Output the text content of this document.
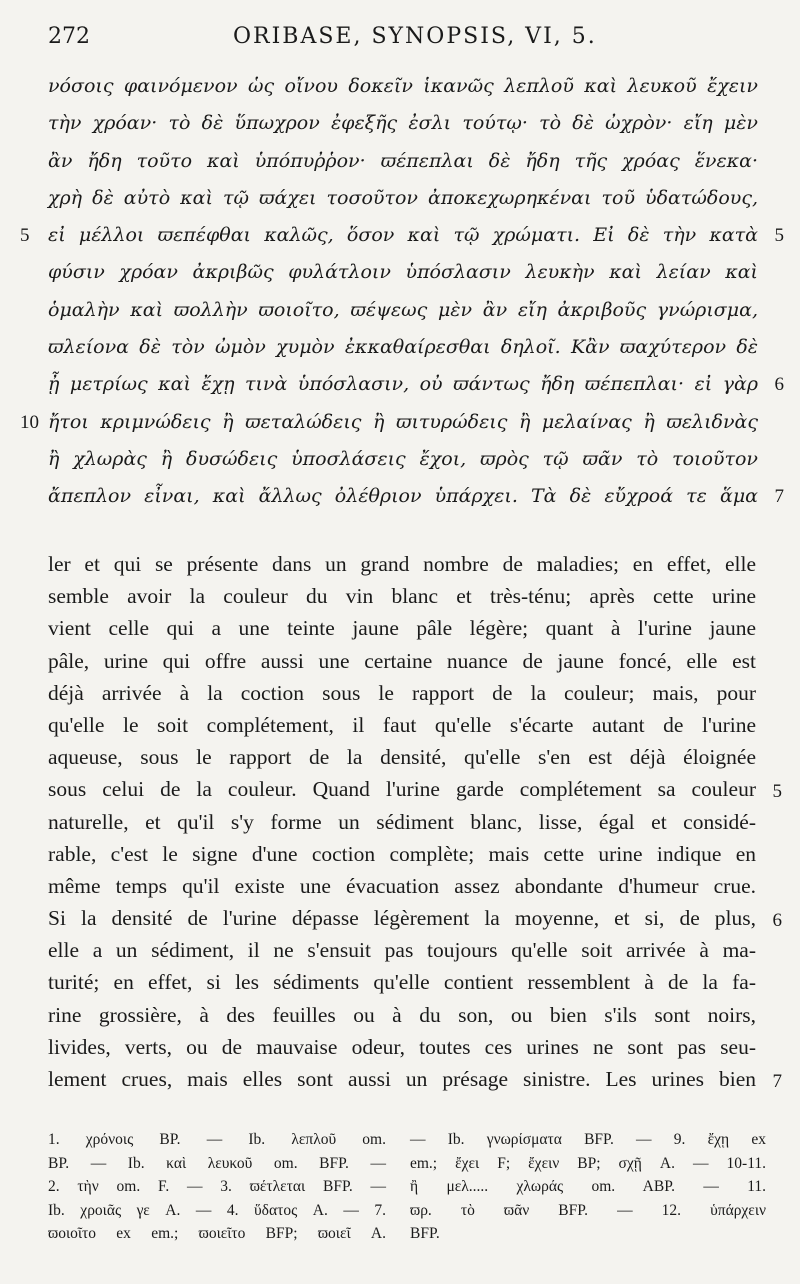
272	ORIBASE, SYNOPSIS, VI, 5.
νόσοις φαινόμενον ὡς οἴνου δοκεῖν ἱκανῶς λεπλοῦ καὶ λευκοῦ ἔχειν
τὴν χρόαν· τὸ δὲ ὕπωχρον ἐφεξῆς ἐσλι τούτῳ· τὸ δὲ ὠχρὸν· εἴη μὲν
ἂν ἤδη τοῦτο καὶ ὑπόπυῤῥον· ϖέπεπλαι δὲ ἤδη τῆς χρόας ἕνεκα·
χρὴ δὲ αὐτὸ καὶ τῷ ϖάχει τοσοῦτον ἀποκεχωρηκέναι τοῦ ὑδατώδους,
εἰ μέλλοι ϖεπέφθαι καλῶς, ὅσον καὶ τῷ χρώματι. Εἰ δὲ τὴν κατὰ
φύσιν χρόαν ἀκριβῶς φυλάτλοιν ὑπόσλασιν λευκὴν καὶ λείαν καὶ
ὁμαλὴν καὶ ϖολλὴν ϖοιοῖτο, ϖέψεως μὲν ἂν εἴη ἀκριβοῦς γνώρισμα,
ϖλείονα δὲ τὸν ὠμὸν χυμὸν ἐκκαθαίρεσθαι δηλοῖ. Κἂν ϖαχύτερον δὲ
ᾖ μετρίως καὶ ἔχῃ τινὰ ὑπόσλασιν, οὐ ϖάντως ἤδη ϖέπεπλαι· εἰ γὰρ
ἤτοι κριμνώδεις ἢ ϖεταλώδεις ἢ ϖιτυρώδεις ἢ μελαίνας ἢ ϖελιδνὰς
ἢ χλωρὰς ἢ δυσώδεις ὑποσλάσεις ἔχοι, ϖρὸς τῷ ϖᾶν τὸ τοιοῦτον
ἄπεπλον εἶναι, καὶ ἄλλως ὀλέθριον ὑπάρχει. Τὰ δὲ εὔχροά τε ἅμα
5
10
5
6
7
ler et qui se présente dans un grand nombre de maladies; en effet, elle
semble avoir la couleur du vin blanc et très-ténu; après cette urine
vient celle qui a une teinte jaune pâle légère; quant à l'urine jaune
pâle, urine qui offre aussi une certaine nuance de jaune foncé, elle est
déjà arrivée à la coction sous le rapport de la couleur; mais, pour
qu'elle le soit complétement, il faut qu'elle s'écarte autant de l'urine
aqueuse, sous le rapport de la densité, qu'elle s'en est déjà éloignée
sous celui de la couleur. Quand l'urine garde complétement sa couleur
naturelle, et qu'il s'y forme un sédiment blanc, lisse, égal et considé-
rable, c'est le signe d'une coction complète; mais cette urine indique en
même temps qu'il existe une évacuation assez abondante d'humeur crue.
Si la densité de l'urine dépasse légèrement la moyenne, et si, de plus,
elle a un sédiment, il ne s'ensuit pas toujours qu'elle soit arrivée à ma-
turité; en effet, si les sédiments qu'elle contient ressemblent à de la fa-
rine grossière, à des feuilles ou à du son, ou bien s'ils sont noirs,
livides, verts, ou de mauvaise odeur, toutes ces urines ne sont pas seu-
lement crues, mais elles sont aussi un présage sinistre. Les urines bien
5
6
7
1. χρόνοις BP. — Ib. λεπλοῦ om.
BP. — Ib. καὶ λευκοῦ om. BFP. —
2. τὴν om. F. — 3. ϖέτλεται BFP. —
Ib. χροιᾶς γε A. — 4. ὕδατος A. — 7.
ϖοιοῖτο ex em.; ϖοιεῖτο BFP; ϖοιεῖ A.
— Ib. γνωρίσματα BFP. — 9. ἔχῃ ex
em.; ἔχει F; ἔχειν BP; σχῇ A. — 10-11.
ἢ μελ..... χλωράς om. ABP. — 11.
ϖρ. τὸ ϖᾶν BFP. — 12. ὑπάρχειν
BFP.
